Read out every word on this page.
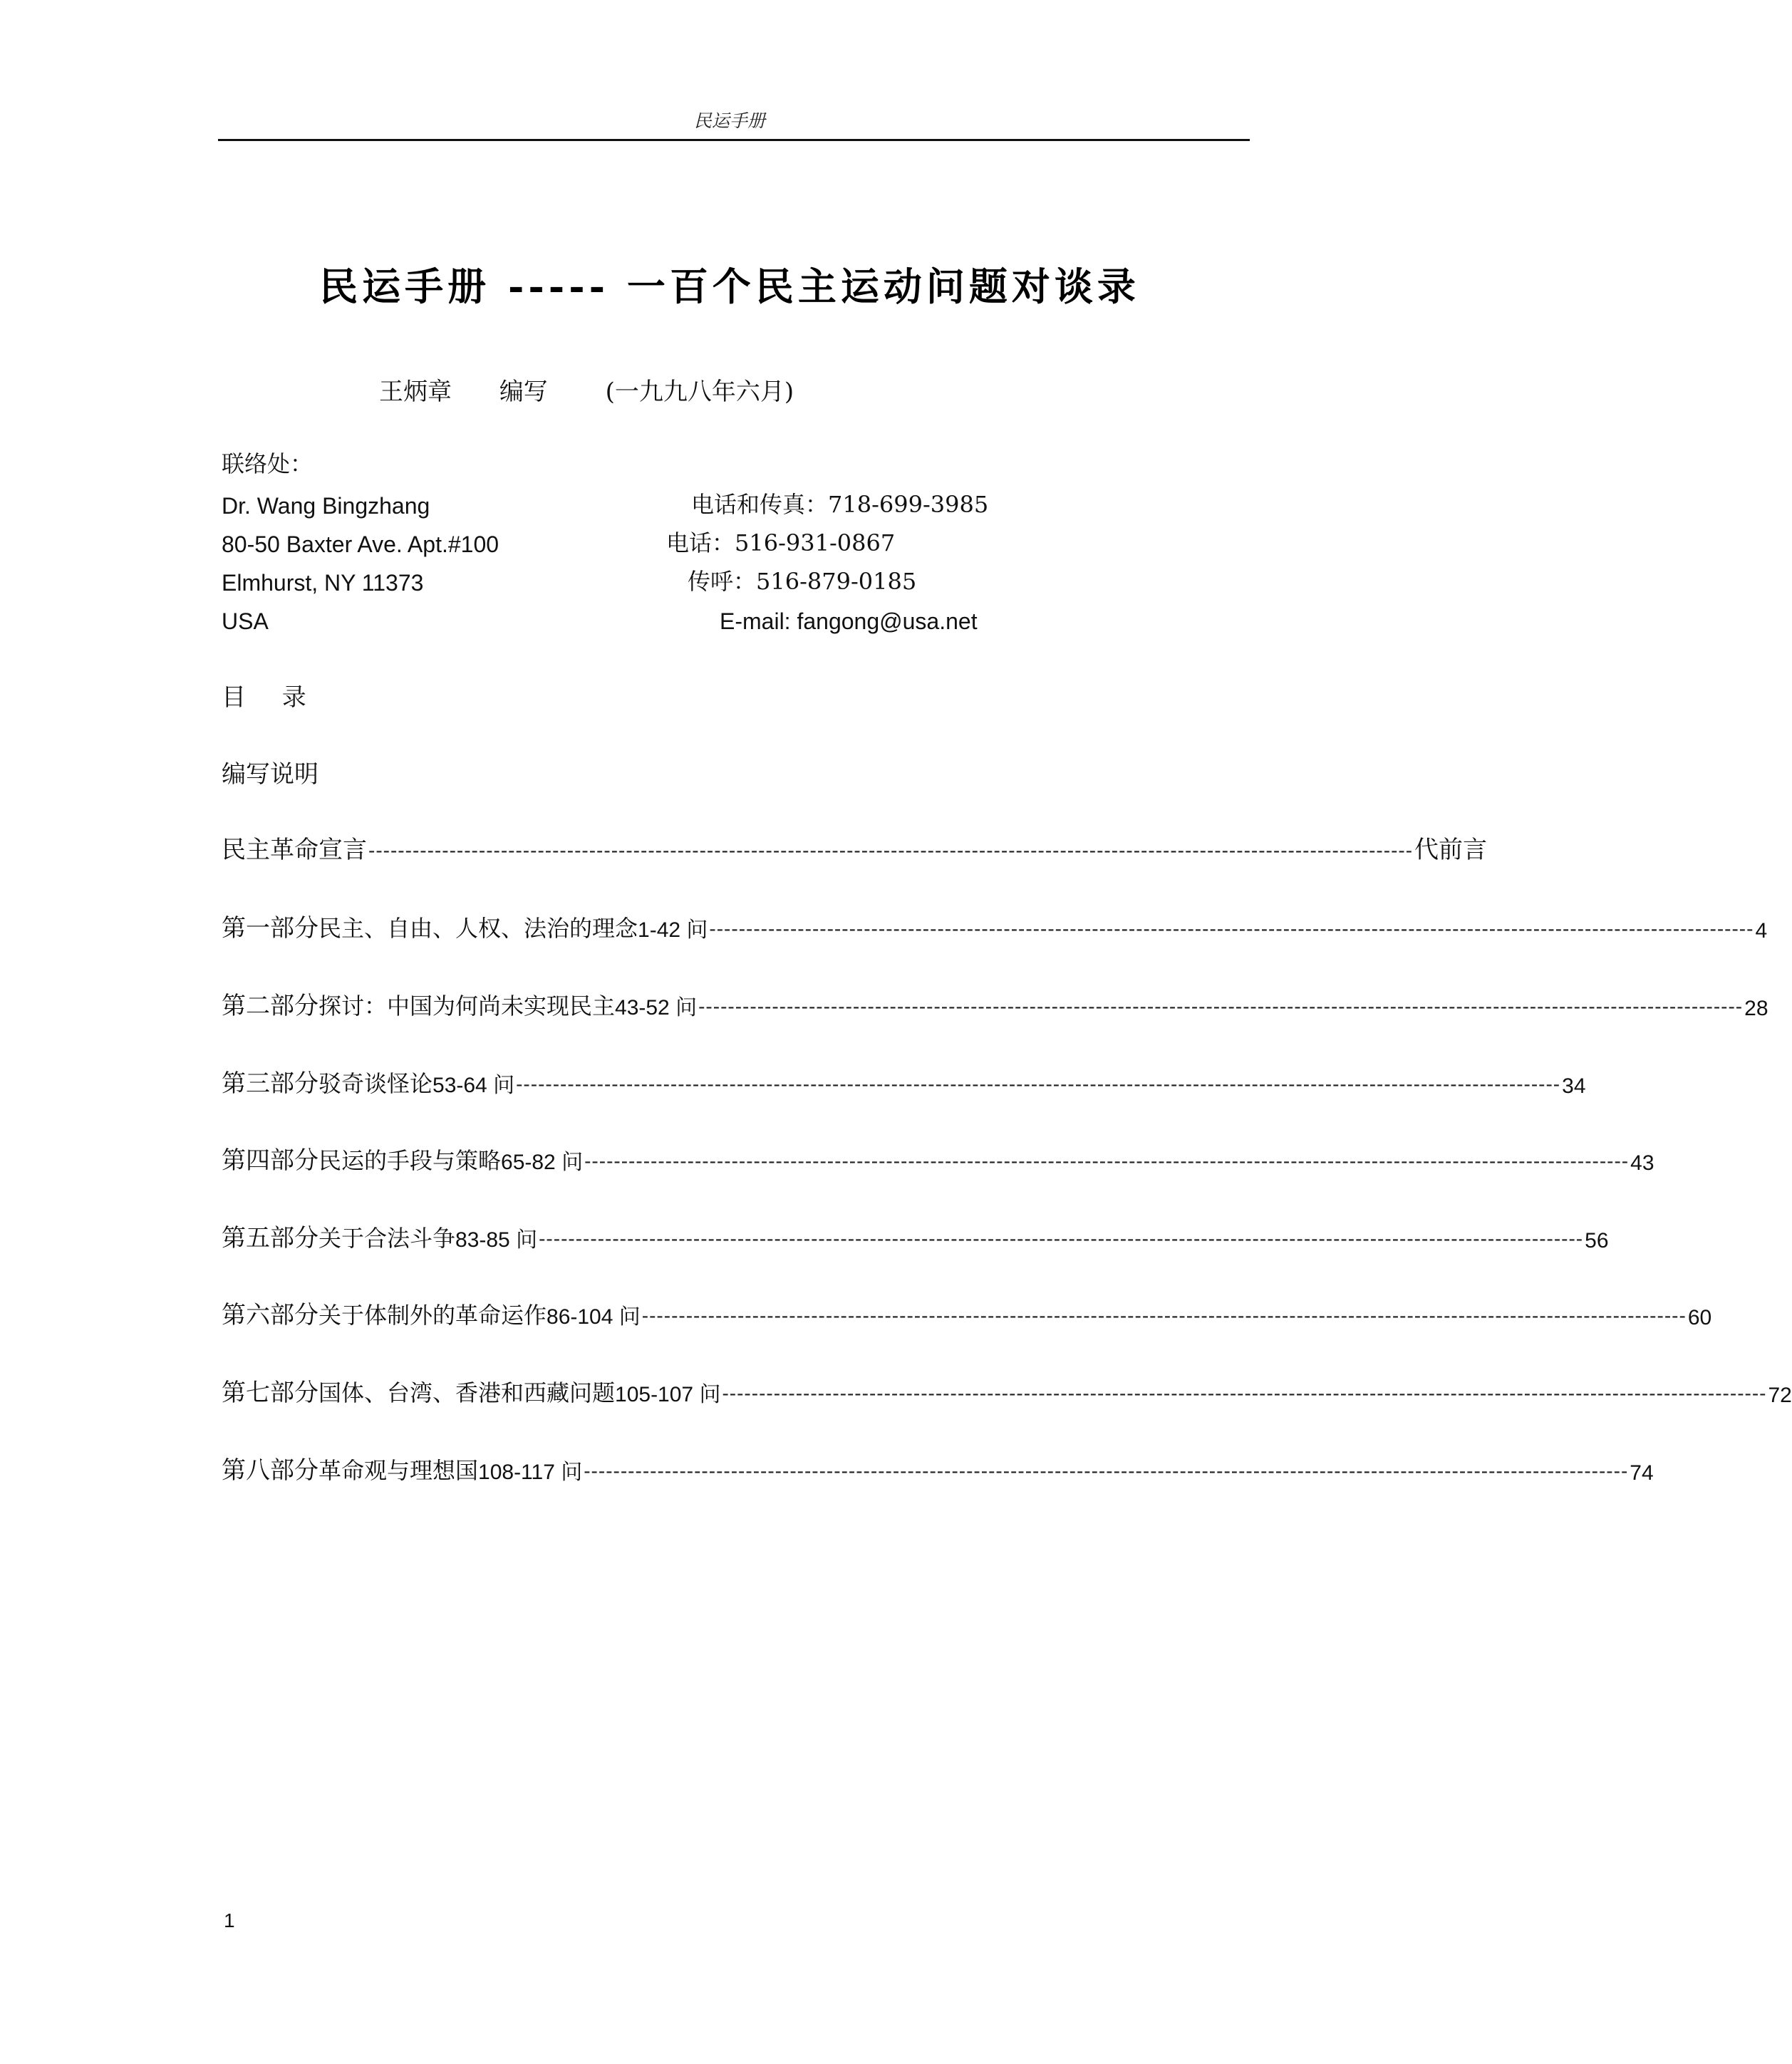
民运手册
民运手册 ----- 一百个民主运动问题对谈录
王炳章 编写 (一九九八年六月)
联络处：
Dr. Wang Bingzhang
80-50 Baxter Ave. Apt.#100
Elmhurst, NY 11373
USA
电话和传真：718-699-3985
电话：516-931-0867
传呼：516-879-0185
E-mail: fangong@usa.net
目 录
编写说明
民主革命宣言 ---------------------------------------------------------------------------------------------------------------------------------------------- 代前言
第一部分 民主、自由、人权、法治的理念 1-42 问 ---------------------------------------------------------------------------------------------------------------------------------------------- 4
第二部分 探讨：中国为何尚未实现民主 43-52 问 ---------------------------------------------------------------------------------------------------------------------------------------------- 28
第三部分 驳奇谈怪论 53-64 问 ---------------------------------------------------------------------------------------------------------------------------------------------- 34
第四部分 民运的手段与策略 65-82 问 ---------------------------------------------------------------------------------------------------------------------------------------------- 43
第五部分 关于合法斗争 83-85 问 ---------------------------------------------------------------------------------------------------------------------------------------------- 56
第六部分 关于体制外的革命运作 86-104 问 ---------------------------------------------------------------------------------------------------------------------------------------------- 60
第七部分 国体、台湾、香港和西藏问题 105-107 问 ---------------------------------------------------------------------------------------------------------------------------------------------- 72
第八部分 革命观与理想国 108-117 问 ---------------------------------------------------------------------------------------------------------------------------------------------- 74
1
